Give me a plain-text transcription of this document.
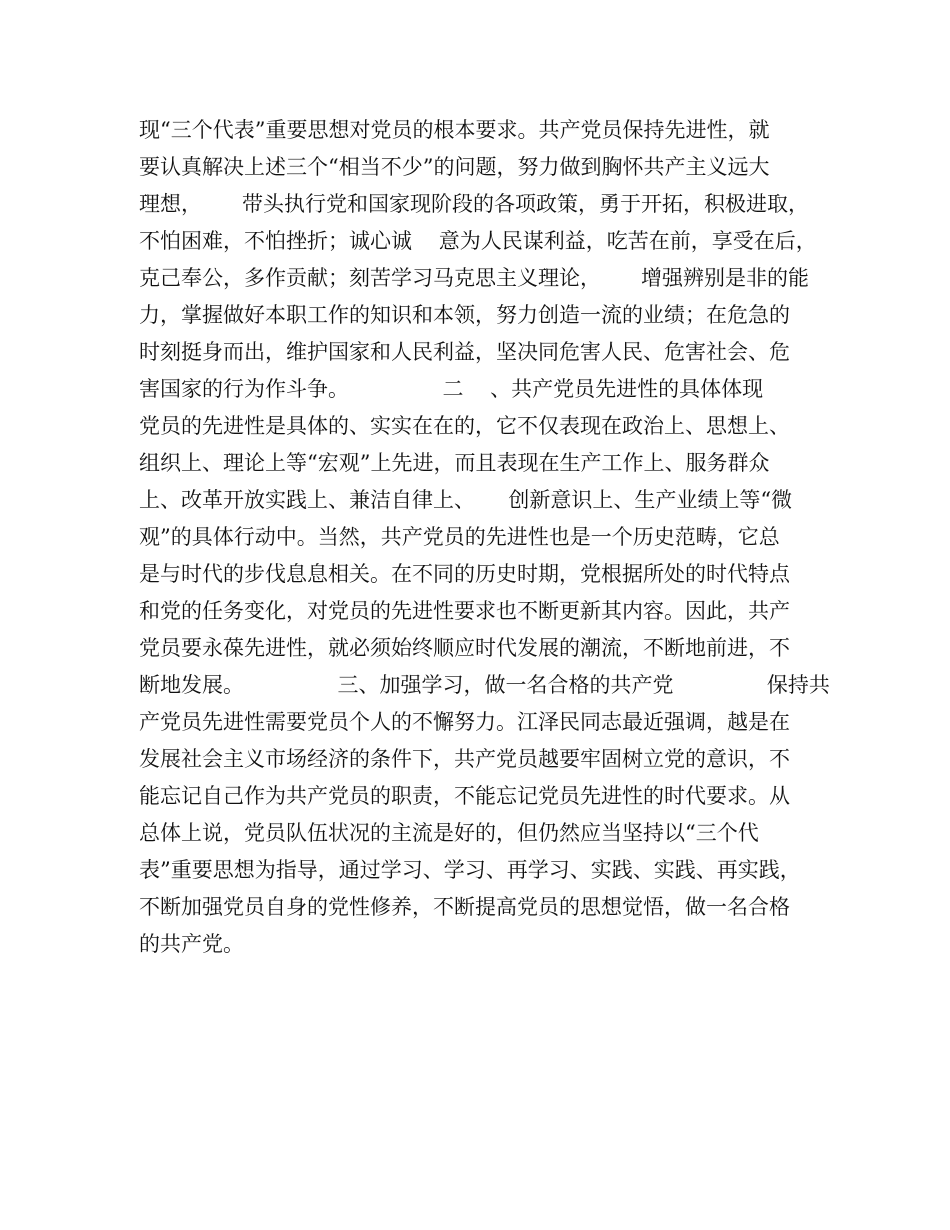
现“三个代表”重要思想对党员的根本要求。共产党员保持先进性，就
要认真解决上述三个“相当不少”的问题，努力做到胸怀共产主义远大
理想，      带头执行党和国家现阶段的各项政策，勇于开拓，积极进取，
不怕困难，不怕挫折；诚心诚    意为人民谋利益，吃苦在前，享受在后，
克己奉公，多作贡献；刻苦学习马克思主义理论，      增强辨别是非的能
力，掌握做好本职工作的知识和本领，努力创造一流的业绩；在危急的
时刻挺身而出，维护国家和人民利益，坚决同危害人民、危害社会、危
害国家的行为作斗争。              二    、共产党员先进性的具体体现
党员的先进性是具体的、实实在在的，它不仅表现在政治上、思想上、
组织上、理论上等“宏观”上先进，而且表现在生产工作上、服务群众
上、改革开放实践上、兼洁自律上、     创新意识上、生产业绩上等“微
观”的具体行动中。当然，共产党员的先进性也是一个历史范畴，它总
是与时代的步伐息息相关。在不同的历史时期，党根据所处的时代特点
和党的任务变化，对党员的先进性要求也不断更新其内容。因此，共产
党员要永葆先进性，就必须始终顺应时代发展的潮流，不断地前进，不
断地发展。              三、加强学习，做一名合格的共产党              保持共
产党员先进性需要党员个人的不懈努力。江泽民同志最近强调，越是在
发展社会主义市场经济的条件下，共产党员越要牢固树立党的意识，不
能忘记自己作为共产党员的职责，不能忘记党员先进性的时代要求。从
总体上说，党员队伍状况的主流是好的，但仍然应当坚持以“三个代
表”重要思想为指导，通过学习、学习、再学习、实践、实践、再实践，
不断加强党员自身的党性修养，不断提高党员的思想觉悟，做一名合格
的共产党。
